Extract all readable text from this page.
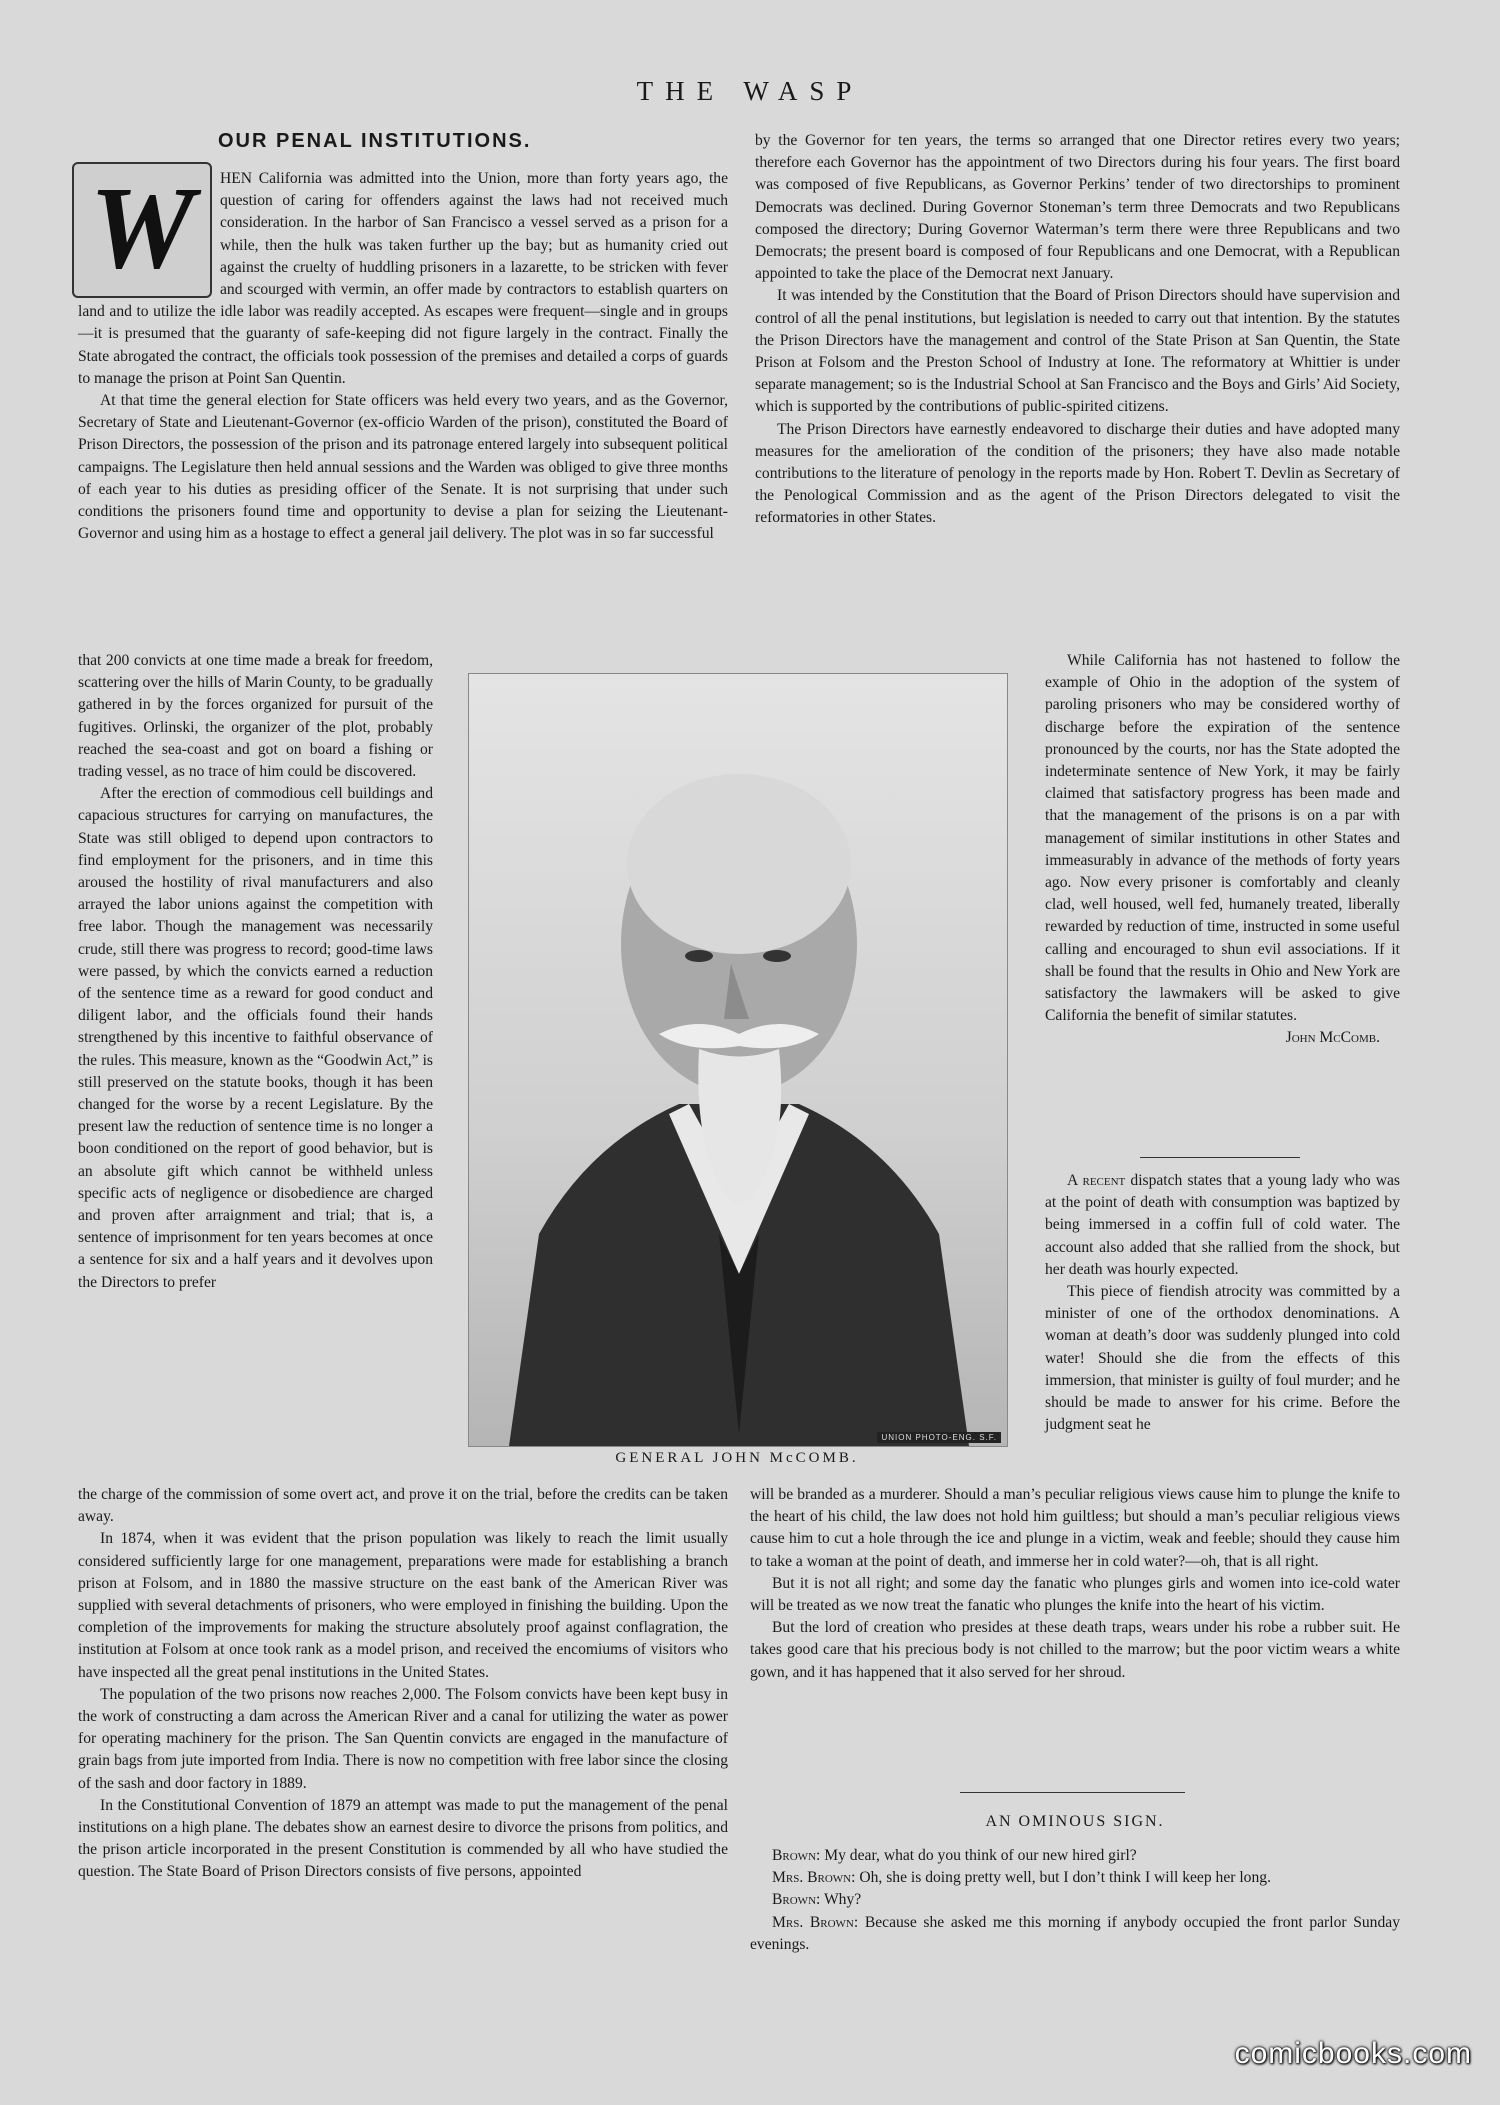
THE WASP
OUR PENAL INSTITUTIONS.
W	HEN California was admitted into the Union, more than forty years ago, the question of caring for offenders against the laws had not received much consideration. In the harbor of San Francisco a vessel served as a prison for a while, then the hulk was taken further up the bay; but as humanity cried out against the cruelty of huddling prisoners in a lazarette, to be stricken with fever and scourged with vermin, an offer made by contractors to establish quarters on land and to utilize the idle labor was readily accepted. As escapes were frequent—single and in groups—it is presumed that the guaranty of safe-keeping did not figure largely in the contract. Finally the State abrogated the contract, the officials took possession of the premises and detailed a corps of guards to manage the prison at Point San Quentin.

At that time the general election for State officers was held every two years, and as the Governor, Secretary of State and Lieutenant-Governor (ex-officio Warden of the prison), constituted the Board of Prison Directors, the possession of the prison and its patronage entered largely into subsequent political campaigns. The Legislature then held annual sessions and the Warden was obliged to give three months of each year to his duties as presiding officer of the Senate. It is not surprising that under such conditions the prisoners found time and opportunity to devise a plan for seizing the Lieutenant-Governor and using him as a hostage to effect a general jail delivery. The plot was in so far successful

by the Governor for ten years, the terms so arranged that one Director retires every two years; therefore each Governor has the appointment of two Directors during his four years. The first board was composed of five Republicans, as Governor Perkins’ tender of two directorships to prominent Democrats was declined. During Governor Stoneman’s term three Democrats and two Republicans composed the directory; During Governor Waterman’s term there were three Republicans and two Democrats; the present board is composed of four Republicans and one Democrat, with a Republican appointed to take the place of the Democrat next January.

It was intended by the Constitution that the Board of Prison Directors should have supervision and control of all the penal institutions, but legislation is needed to carry out that intention. By the statutes the Prison Directors have the management and control of the State Prison at San Quentin, the State Prison at Folsom and the Preston School of Industry at Ione. The reformatory at Whittier is under separate management; so is the Industrial School at San Francisco and the Boys and Girls’ Aid Society, which is supported by the contributions of public-spirited citizens.

The Prison Directors have earnestly endeavored to discharge their duties and have adopted many measures for the amelioration of the condition of the prisoners; they have also made notable contributions to the literature of penology in the reports made by Hon. Robert T. Devlin as Secretary of the Penological Commission and as the agent of the Prison Directors delegated to visit the reformatories in other States.

that 200 convicts at one time made a break for freedom, scattering over the hills of Marin County, to be gradually gathered in by the forces organized for pursuit of the fugitives. Orlinski, the organizer of the plot, probably reached the sea-coast and got on board a fishing or trading vessel, as no trace of him could be discovered.

After the erection of commodious cell buildings and capacious structures for carrying on manufactures, the State was still obliged to depend upon contractors to find employment for the prisoners, and in time this aroused the hostility of rival manufacturers and also arrayed the labor unions against the competition with free labor. Though the management was necessarily crude, still there was progress to record; good-time laws were passed, by which the convicts earned a reduction of the sentence time as a reward for good conduct and diligent labor, and the officials found their hands strengthened by this incentive to faithful observance of the rules. This measure, known as the “Goodwin Act,” is still preserved on the statute books, though it has been changed for the worse by a recent Legislature. By the present law the reduction of sentence time is no longer a boon conditioned on the report of good behavior, but is an absolute gift which cannot be withheld unless specific acts of negligence or disobedience are charged and proven after arraignment and trial; that is, a sentence of imprisonment for ten years becomes at once a sentence for six and a half years and it devolves upon the Directors to prefer

UNION PHOTO-ENG. S.F.
GENERAL JOHN McCOMB.

While California has not hastened to follow the example of Ohio in the adoption of the system of paroling prisoners who may be considered worthy of discharge before the expiration of the sentence pronounced by the courts, nor has the State adopted the indeterminate sentence of New York, it may be fairly claimed that satisfactory progress has been made and that the management of the prisons is on a par with management of similar institutions in other States and immeasurably in advance of the methods of forty years ago. Now every prisoner is comfortably and cleanly clad, well housed, well fed, humanely treated, liberally rewarded by reduction of time, instructed in some useful calling and encouraged to shun evil associations. If it shall be found that the results in Ohio and New York are satisfactory the lawmakers will be asked to give California the benefit of similar statutes.

John McComb.

A recent dispatch states that a young lady who was at the point of death with consumption was baptized by being immersed in a coffin full of cold water. The account also added that she rallied from the shock, but her death was hourly expected.

This piece of fiendish atrocity was committed by a minister of one of the orthodox denominations. A woman at death’s door was suddenly plunged into cold water! Should she die from the effects of this immersion, that minister is guilty of foul murder; and he should be made to answer for his crime. Before the judgment seat he

the charge of the commission of some overt act, and prove it on the trial, before the credits can be taken away.

In 1874, when it was evident that the prison population was likely to reach the limit usually considered sufficiently large for one management, preparations were made for establishing a branch prison at Folsom, and in 1880 the massive structure on the east bank of the American River was supplied with several detachments of prisoners, who were employed in finishing the building. Upon the completion of the improvements for making the structure absolutely proof against conflagration, the institution at Folsom at once took rank as a model prison, and received the encomiums of visitors who have inspected all the great penal institutions in the United States.

The population of the two prisons now reaches 2,000. The Folsom convicts have been kept busy in the work of constructing a dam across the American River and a canal for utilizing the water as power for operating machinery for the prison. The San Quentin convicts are engaged in the manufacture of grain bags from jute imported from India. There is now no competition with free labor since the closing of the sash and door factory in 1889.

In the Constitutional Convention of 1879 an attempt was made to put the management of the penal institutions on a high plane. The debates show an earnest desire to divorce the prisons from politics, and the prison article incorporated in the present Constitution is commended by all who have studied the question. The State Board of Prison Directors consists of five persons, appointed

will be branded as a murderer. Should a man’s peculiar religious views cause him to plunge the knife to the heart of his child, the law does not hold him guiltless; but should a man’s peculiar religious views cause him to cut a hole through the ice and plunge in a victim, weak and feeble; should they cause him to take a woman at the point of death, and immerse her in cold water?—oh, that is all right.

But it is not all right; and some day the fanatic who plunges girls and women into ice-cold water will be treated as we now treat the fanatic who plunges the knife into the heart of his victim.

But the lord of creation who presides at these death traps, wears under his robe a rubber suit. He takes good care that his precious body is not chilled to the marrow; but the poor victim wears a white gown, and it has happened that it also served for her shroud.

AN OMINOUS SIGN.

Brown: My dear, what do you think of our new hired girl?

Mrs. Brown: Oh, she is doing pretty well, but I don’t think I will keep her long.

Brown: Why?

Mrs. Brown: Because she asked me this morning if anybody occupied the front parlor Sunday evenings.

comicbooks.com
